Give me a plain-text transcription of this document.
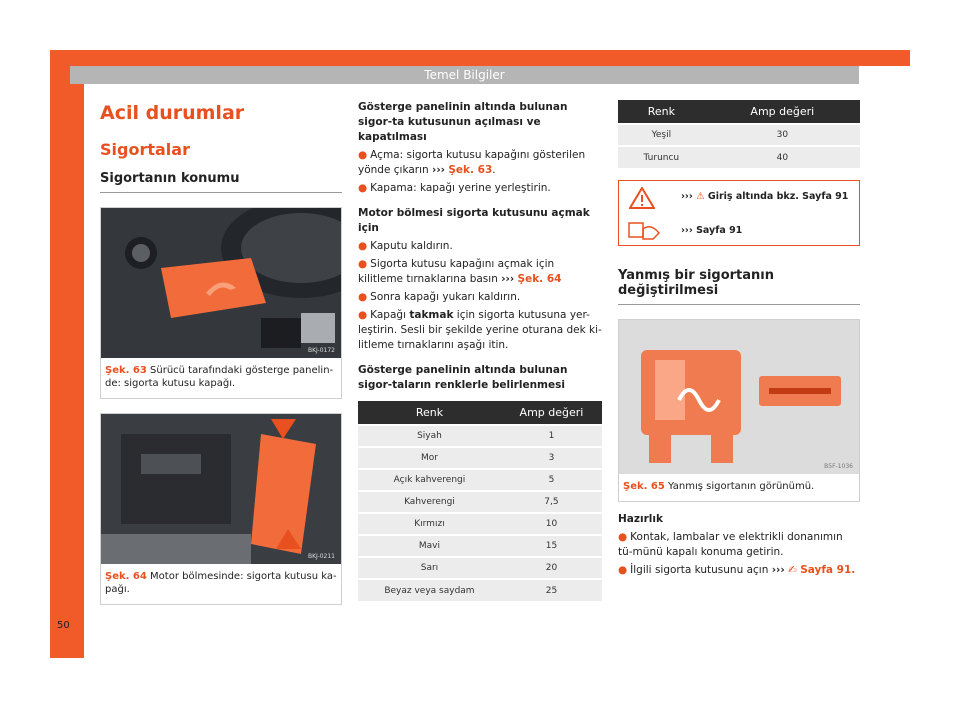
Temel Bilgiler
50
Acil durumlar
Sigortalar
Sigortanın konumu
BKJ-0172
Şek. 63 Sürücü tarafındaki gösterge panelin-de: sigorta kutusu kapağı.
BKJ-0211
Şek. 64 Motor bölmesinde: sigorta kutusu ka-pağı.

Gösterge panelinin altında bulunan sigor-ta kutusunun açılması ve kapatılması

● Açma: sigorta kutusu kapağını gösterilen yönde çıkarın ››› Şek. 63.
● Kapama: kapağı yerine yerleştirin.

Motor bölmesi sigorta kutusunu açmak için

● Kaputu kaldırın.
● Sigorta kutusu kapağını açmak için kilitleme tırnaklarına basın ››› Şek. 64
● Sonra kapağı yukarı kaldırın.
● Kapağı takmak için sigorta kutusuna yer-leştirin. Sesli bir şekilde yerine oturana dek ki-litleme tırnaklarını aşağı itin.

Gösterge panelinin altında bulunan sigor-taların renklerle belirlenmesi

Renk	Amp değeri
Siyah	1
Mor	3
Açık kahverengi	5
Kahverengi	7,5
Kırmızı	10
Mavi	15
Sarı	20
Beyaz veya saydam	25
Renk	Amp değeri
Yeşil	30
Turuncu	40
››› ⚠ Giriş altında bkz. Sayfa 91
››› Sayfa 91
Yanmış bir sigortanın değiştirilmesi
B5F-1036
Şek. 65 Yanmış sigortanın görünümü.

Hazırlık

● Kontak, lambalar ve elektrikli donanımın tü-münü kapalı konuma getirin.
● İlgili sigorta kutusunu açın ››› ✍ Sayfa 91.
